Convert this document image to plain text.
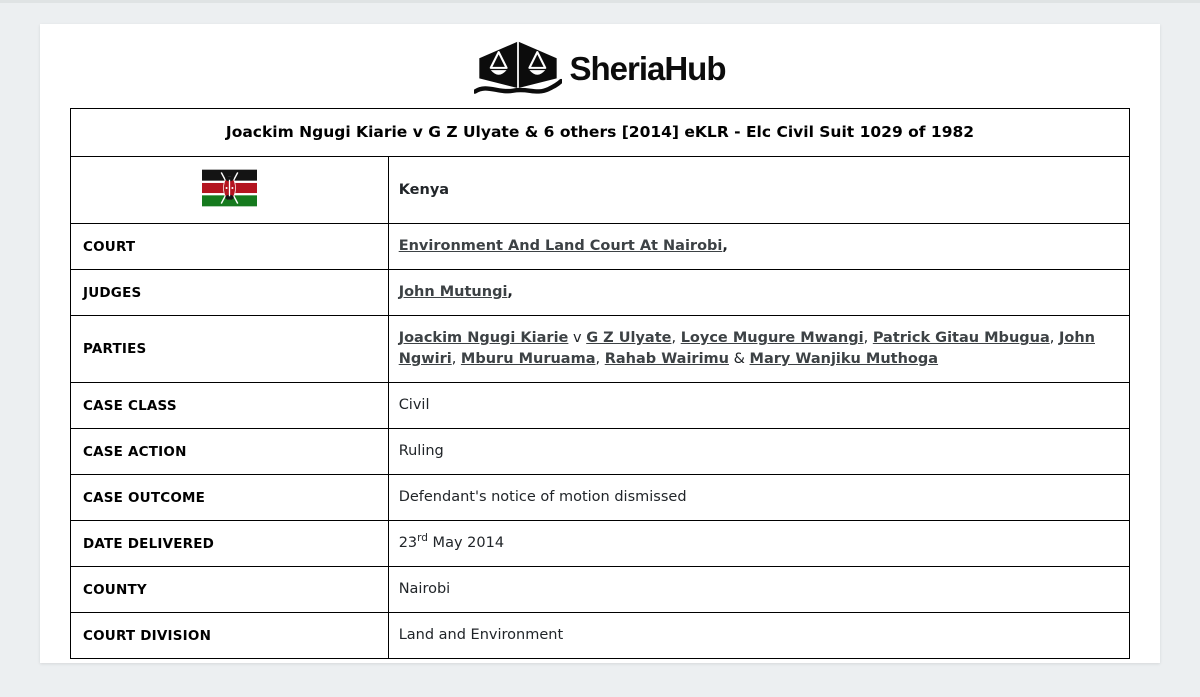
SheriaHub
Joackim Ngugi Kiarie v G Z Ulyate & 6 others [2014] eKLR - Elc Civil Suit 1029 of 1982	
	Kenya
COURT	Environment And Land Court At Nairobi,
JUDGES	John Mutungi,
PARTIES	Joackim Ngugi Kiarie v G Z Ulyate, Loyce Mugure Mwangi, Patrick Gitau Mbugua, John Ngwiri, Mburu Muruama, Rahab Wairimu & Mary Wanjiku Muthoga
CASE CLASS	Civil
CASE ACTION	Ruling
CASE OUTCOME	Defendant's notice of motion dismissed
DATE DELIVERED	23rd May 2014
COUNTY	Nairobi
COURT DIVISION	Land and Environment
